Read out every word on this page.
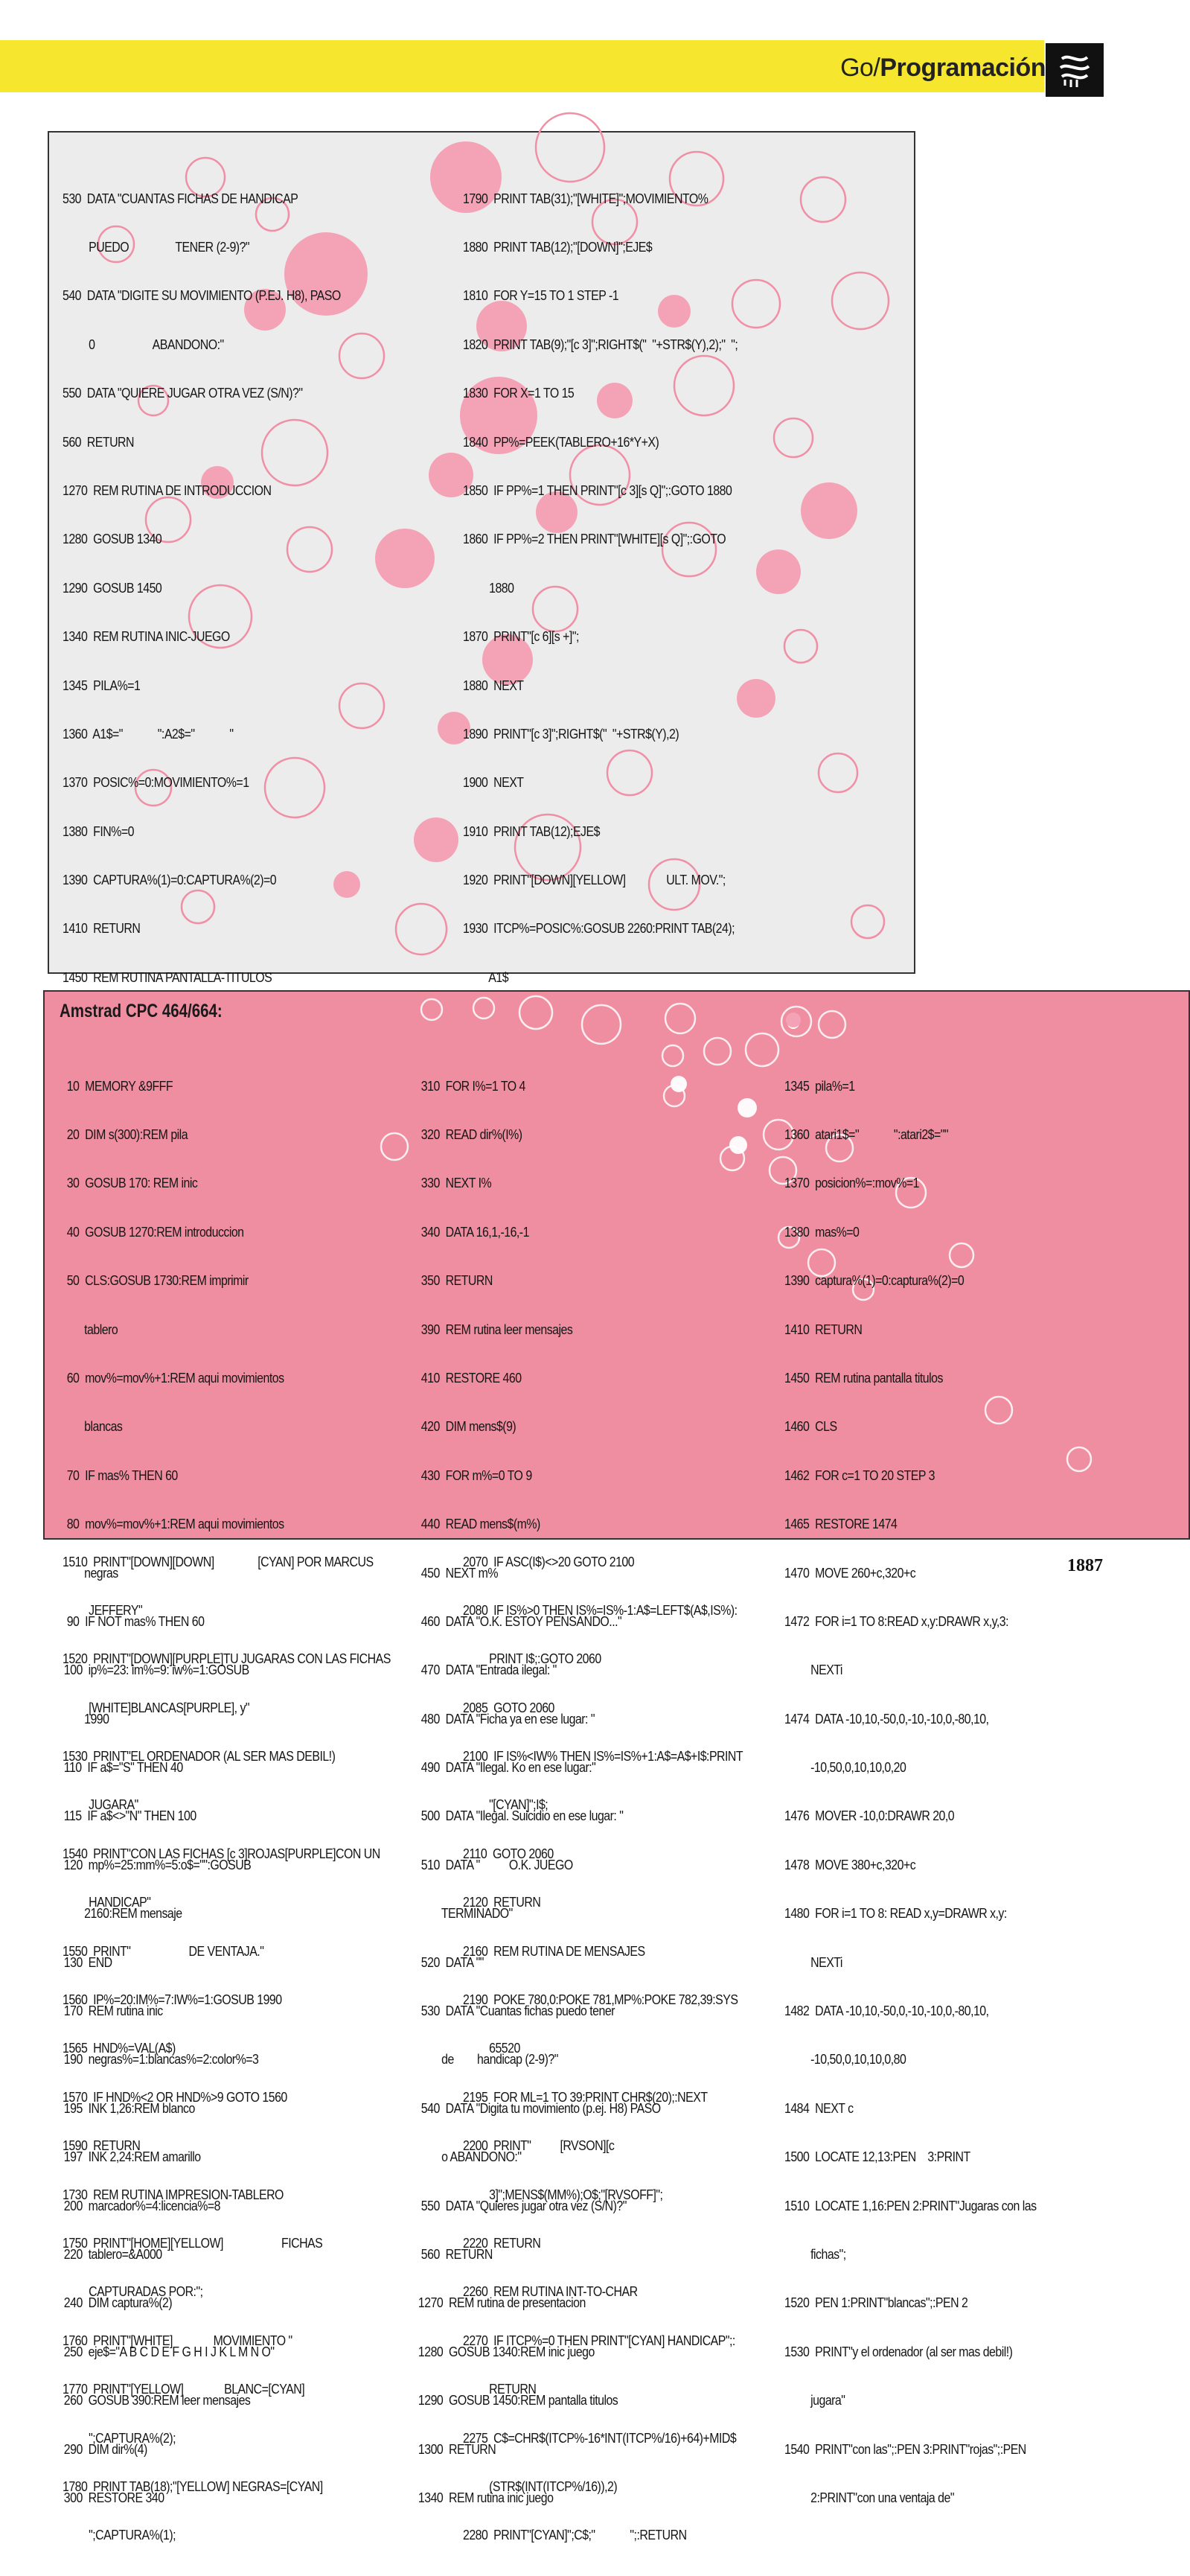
Go/Programación

530  DATA "CUANTAS FICHAS DE HANDICAP

PUEDO                TENER (2-9)?"

540  DATA "DIGITE SU MOVIMIENTO (P.EJ. H8), PASO

0                    ABANDONO:"

550  DATA "QUIERE JUGAR OTRA VEZ (S/N)?"

560  RETURN

1270  REM RUTINA DE INTRODUCCION

1280  GOSUB 1340

1290  GOSUB 1450

1340  REM RUTINA INIC-JUEGO

1345  PILA%=1

1360  A1$="            ":A2$="            "

1370  POSIC%=0:MOVIMIENTO%=1

1380  FIN%=0

1390  CAPTURA%(1)=0:CAPTURA%(2)=0

1410  RETURN

1450  REM RUTINA PANTALLA-TITULOS

1510  PRINT"[DOWN][DOWN]               [CYAN] POR MARCUS

JEFFERY"

1520  PRINT"[DOWN][PURPLE]TU JUGARAS CON LAS FICHAS

[WHITE]BLANCAS[PURPLE], y"

1530  PRINT"EL ORDENADOR (AL SER MAS DEBIL!)

JUGARA"

1540  PRINT"CON LAS FICHAS [c 3]ROJAS[PURPLE]CON UN

HANDICAP"

1550  PRINT"                    DE VENTAJA."

1560  IP%=20:IM%=7:IW%=1:GOSUB 1990

1565  HND%=VAL(A$)

1570  IF HND%<2 OR HND%>9 GOTO 1560

1590  RETURN

1730  REM RUTINA IMPRESION-TABLERO

1750  PRINT"[HOME][YELLOW]                    FICHAS

CAPTURADAS POR:";

1760  PRINT"[WHITE]              MOVIMIENTO "

1770  PRINT"[YELLOW]              BLANC=[CYAN]

";CAPTURA%(2);

1780  PRINT TAB(18);"[YELLOW] NEGRAS=[CYAN]

";CAPTURA%(1);

1790  PRINT TAB(31);"[WHITE]";MOVIMIENTO%

1880  PRINT TAB(12);"[DOWN]";EJE$

1810  FOR Y=15 TO 1 STEP -1

1820  PRINT TAB(9);"[c 3]";RIGHT$("  "+STR$(Y),2);"  ";

1830  FOR X=1 TO 15

1840  PP%=PEEK(TABLERO+16*Y+X)

1850  IF PP%=1 THEN PRINT"[c 3][s Q]";:GOTO 1880

1860  IF PP%=2 THEN PRINT"[WHITE][s Q]";:GOTO

1880

1870  PRINT"[c 6][s +]";

1880  NEXT

1890  PRINT"[c 3]";RIGHT$("  "+STR$(Y),2)

1900  NEXT

1910  PRINT TAB(12);EJE$

1920  PRINT"[DOWN][YELLOW]              ULT. MOV.";

1930  ITCP%=POSIC%:GOSUB 2260:PRINT TAB(24);

A1$

2070  IF ASC(I$)<>20 GOTO 2100

2080  IF IS%>0 THEN IS%=IS%-1:A$=LEFT$(A$,IS%):

PRINT I$;:GOTO 2060

2085  GOTO 2060

2100  IF IS%<IW% THEN IS%=IS%+1:A$=A$+I$:PRINT

"[CYAN]";I$;

2110  GOTO 2060

2120  RETURN

2160  REM RUTINA DE MENSAJES

2190  POKE 780,0:POKE 781,MP%:POKE 782,39:SYS

65520

2195  FOR ML=1 TO 39:PRINT CHR$(20);:NEXT

2200  PRINT"          [RVSON][c

3]";MENS$(MM%);O$;"[RVSOFF]";

2220  RETURN

2260  REM RUTINA INT-TO-CHAR

2270  IF ITCP%=0 THEN PRINT"[CYAN] HANDICAP";:

RETURN

2275  C$=CHR$(ITCP%-16*INT(ITCP%/16)+64)+MID$

(STR$(INT(ITCP%/16)),2)

2280  PRINT"[CYAN]";C$;"            ";:RETURN

Amstrad CPC 464/664:

10  MEMORY &9FFF

20  DIM s(300):REM pila

30  GOSUB 170: REM inic

40  GOSUB 1270:REM introduccion

50  CLS:GOSUB 1730:REM imprimir

tablero

60  mov%=mov%+1:REM aqui movimientos

blancas

70  IF mas% THEN 60

80  mov%=mov%+1:REM aqui movimientos

negras

90  IF NOT mas% THEN 60

100  ip%=23: im%=9: iw%=1:GOSUB

1990

110  IF a$="S" THEN 40

115  IF a$<>"N" THEN 100

120  mp%=25:mm%=5:o$="":GOSUB

2160:REM mensaje

130  END

170  REM rutina inic

190  negras%=1:blancas%=2:color%=3

195  INK 1,26:REM blanco

197  INK 2,24:REM amarillo

200  marcador%=4:licencia%=8

220  tablero=&A000

240  DIM captura%(2)

250  eje$="A B C D E F G H I J K L M N O"

260  GOSUB 390:REM leer mensajes

290  DIM dir%(4)

300  RESTORE 340

310  FOR I%=1 TO 4

320  READ dir%(I%)

330  NEXT I%

340  DATA 16,1,-16,-1

350  RETURN

390  REM rutina leer mensajes

410  RESTORE 460

420  DIM mens$(9)

430  FOR m%=0 TO 9

440  READ mens$(m%)

450  NEXT m%

460  DATA "O.K. ESTOY PENSANDO..."

470  DATA "Entrada ilegal: "

480  DATA "Ficha ya en ese lugar: "

490  DATA "Ilegal. Ko en ese lugar:"

500  DATA "Ilegal. Suicidio en ese lugar: "

510  DATA "          O.K. JUEGO

TERMINADO"

520  DATA ""

530  DATA "Cuantas fichas puedo tener

de        handicap (2-9)?"

540  DATA "Digita tu movimiento (p.ej. H8) PASO

o ABANDONO:"

550  DATA "Quieres jugar otra vez (S/N)?"

560  RETURN

1270  REM rutina de presentacion

1280  GOSUB 1340:REM inic juego

1290  GOSUB 1450:REM pantalla titulos

1300  RETURN

1340  REM rutina inic juego

1345  pila%=1

1360  atari1$="            ":atari2$=""

1370  posicion%=:mov%=1

1380  mas%=0

1390  captura%(1)=0:captura%(2)=0

1410  RETURN

1450  REM rutina pantalla titulos

1460  CLS

1462  FOR c=1 TO 20 STEP 3

1465  RESTORE 1474

1470  MOVE 260+c,320+c

1472  FOR i=1 TO 8:READ x,y:DRAWR x,y,3:

NEXTi

1474  DATA -10,10,-50,0,-10,-10,0,-80,10,

-10,50,0,10,10,0,20

1476  MOVER -10,0:DRAWR 20,0

1478  MOVE 380+c,320+c

1480  FOR i=1 TO 8: READ x,y=DRAWR x,y:

NEXTi

1482  DATA -10,10,-50,0,-10,-10,0,-80,10,

-10,50,0,10,10,0,80

1484  NEXT c

1500  LOCATE 12,13:PEN    3:PRINT

1510  LOCATE 1,16:PEN 2:PRINT"Jugaras con las

fichas";

1520  PEN 1:PRINT"blancas";:PEN 2

1530  PRINT"y el ordenador (al ser mas debil!)

jugara"

1540  PRINT"con las";:PEN 3:PRINT"rojas";:PEN

2:PRINT"con una ventaja de"

1887
